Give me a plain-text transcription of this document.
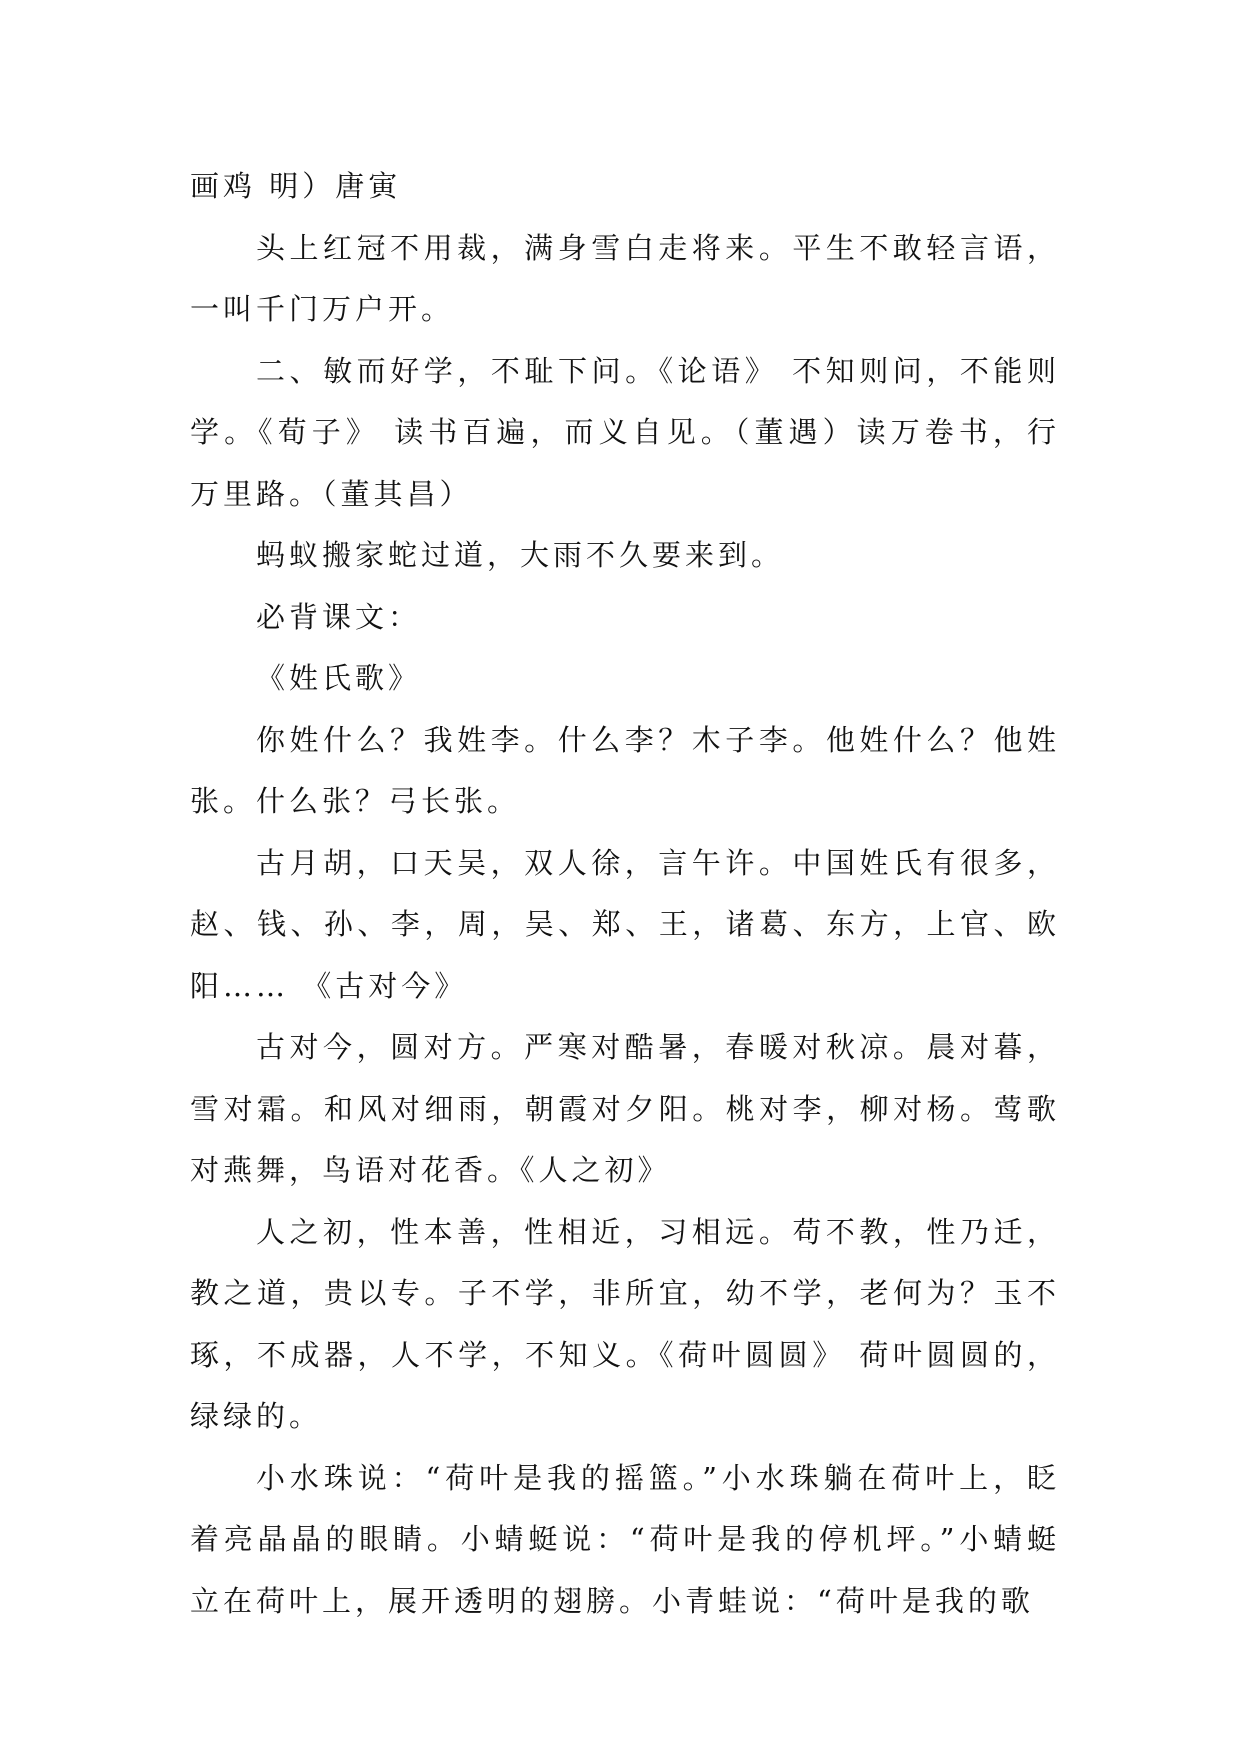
画鸡 明）唐寅

头上红冠不用裁，满身雪白走将来。平生不敢轻言语，一叫千门万户开。

二、敏而好学，不耻下问。《论语》 不知则问，不能则学。《荀子》 读书百遍，而义自见。（董遇）读万卷书，行万里路。（董其昌）

蚂蚁搬家蛇过道，大雨不久要来到。

必背课文：

《姓氏歌》

你姓什么？我姓李。什么李？木子李。他姓什么？他姓张。什么张？弓长张。

古月胡，口天吴，双人徐，言午许。中国姓氏有很多，赵、钱、孙、李，周，吴、郑、王，诸葛、东方，上官、欧阳…… 《古对今》

古对今，圆对方。严寒对酷暑，春暖对秋凉。晨对暮，雪对霜。和风对细雨，朝霞对夕阳。桃对李，柳对杨。莺歌对燕舞，鸟语对花香。《人之初》

人之初，性本善，性相近，习相远。苟不教，性乃迁，教之道，贵以专。子不学，非所宜，幼不学，老何为？玉不琢，不成器，人不学，不知义。《荷叶圆圆》 荷叶圆圆的，绿绿的。

小水珠说：“荷叶是我的摇篮。”小水珠躺在荷叶上，眨着亮晶晶的眼睛。小蜻蜓说：“荷叶是我的停机坪。”小蜻蜓立在荷叶上，展开透明的翅膀。小青蛙说：“荷叶是我的歌
